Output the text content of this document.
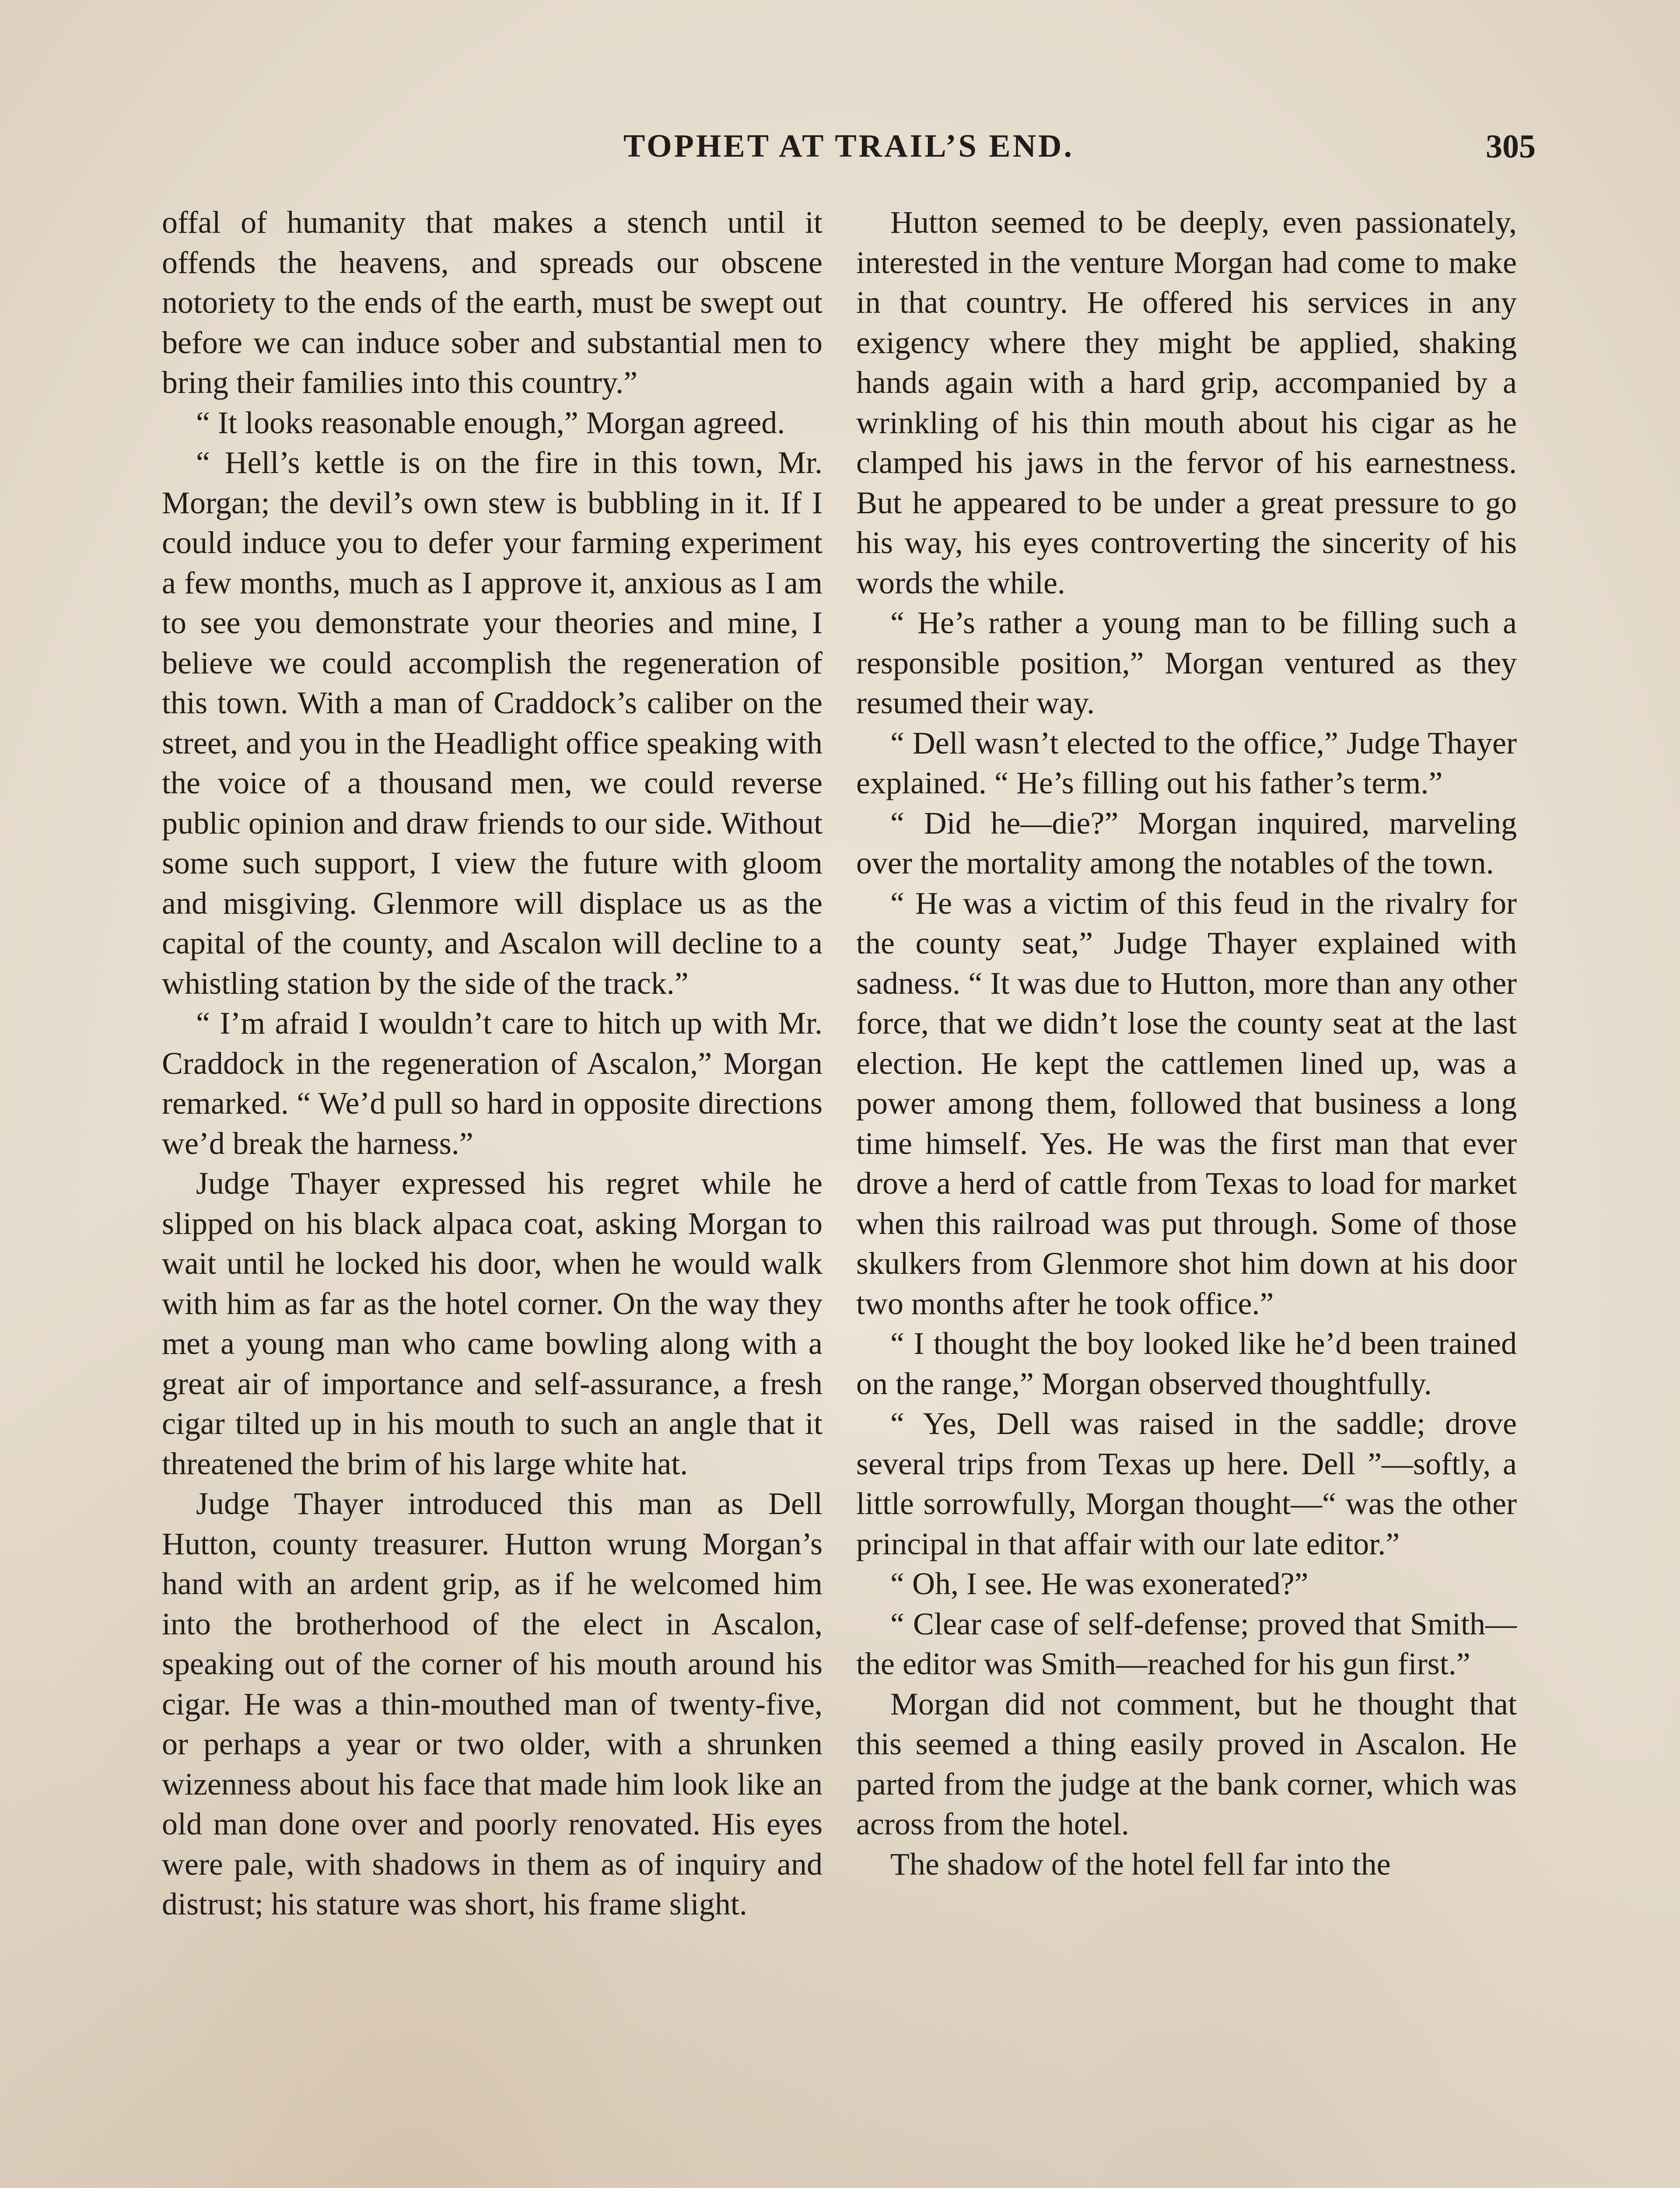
TOPHET AT TRAIL’S END.	305

offal of humanity that makes a stench until it offends the heavens, and spreads our obscene notoriety to the ends of the earth, must be swept out before we can induce sober and substantial men to bring their families into this country.”

“ It looks reasonable enough,” Morgan agreed.

“ Hell’s kettle is on the fire in this town, Mr. Morgan; the devil’s own stew is bubbling in it. If I could induce you to defer your farming experiment a few months, much as I approve it, anxious as I am to see you demonstrate your theories and mine, I believe we could accomplish the regeneration of this town. With a man of Craddock’s caliber on the street, and you in the Headlight office speaking with the voice of a thousand men, we could reverse public opinion and draw friends to our side. Without some such support, I view the future with gloom and misgiving. Glenmore will displace us as the capital of the county, and Ascalon will decline to a whistling station by the side of the track.”

“ I’m afraid I wouldn’t care to hitch up with Mr. Craddock in the regeneration of Ascalon,” Morgan remarked. “ We’d pull so hard in opposite directions we’d break the harness.”

Judge Thayer expressed his regret while he slipped on his black alpaca coat, asking Morgan to wait until he locked his door, when he would walk with him as far as the hotel corner. On the way they met a young man who came bowling along with a great air of importance and self-assurance, a fresh cigar tilted up in his mouth to such an angle that it threatened the brim of his large white hat.

Judge Thayer introduced this man as Dell Hutton, county treasurer. Hutton wrung Morgan’s hand with an ardent grip, as if he welcomed him into the brotherhood of the elect in Ascalon, speaking out of the corner of his mouth around his cigar. He was a thin-mouthed man of twenty-five, or perhaps a year or two older, with a shrunken wizenness about his face that made him look like an old man done over and poorly renovated. His eyes were pale, with shadows in them as of inquiry and distrust; his stature was short, his frame slight.

Hutton seemed to be deeply, even passionately, interested in the venture Morgan had come to make in that country. He offered his services in any exigency where they might be applied, shaking hands again with a hard grip, accompanied by a wrinkling of his thin mouth about his cigar as he clamped his jaws in the fervor of his earnestness. But he appeared to be under a great pressure to go his way, his eyes controverting the sincerity of his words the while.

“ He’s rather a young man to be filling such a responsible position,” Morgan ventured as they resumed their way.

“ Dell wasn’t elected to the office,” Judge Thayer explained. “ He’s filling out his father’s term.”

“ Did he—die?” Morgan inquired, marveling over the mortality among the notables of the town.

“ He was a victim of this feud in the rivalry for the county seat,” Judge Thayer explained with sadness. “ It was due to Hutton, more than any other force, that we didn’t lose the county seat at the last election. He kept the cattlemen lined up, was a power among them, followed that business a long time himself. Yes. He was the first man that ever drove a herd of cattle from Texas to load for market when this railroad was put through. Some of those skulkers from Glenmore shot him down at his door two months after he took office.”

“ I thought the boy looked like he’d been trained on the range,” Morgan observed thoughtfully.

“ Yes, Dell was raised in the saddle; drove several trips from Texas up here. Dell ”—softly, a little sorrowfully, Morgan thought—“ was the other principal in that affair with our late editor.”

“ Oh, I see. He was exonerated?”

“ Clear case of self-defense; proved that Smith—the editor was Smith—reached for his gun first.”

Morgan did not comment, but he thought that this seemed a thing easily proved in Ascalon. He parted from the judge at the bank corner, which was across from the hotel.

The shadow of the hotel fell far into the
